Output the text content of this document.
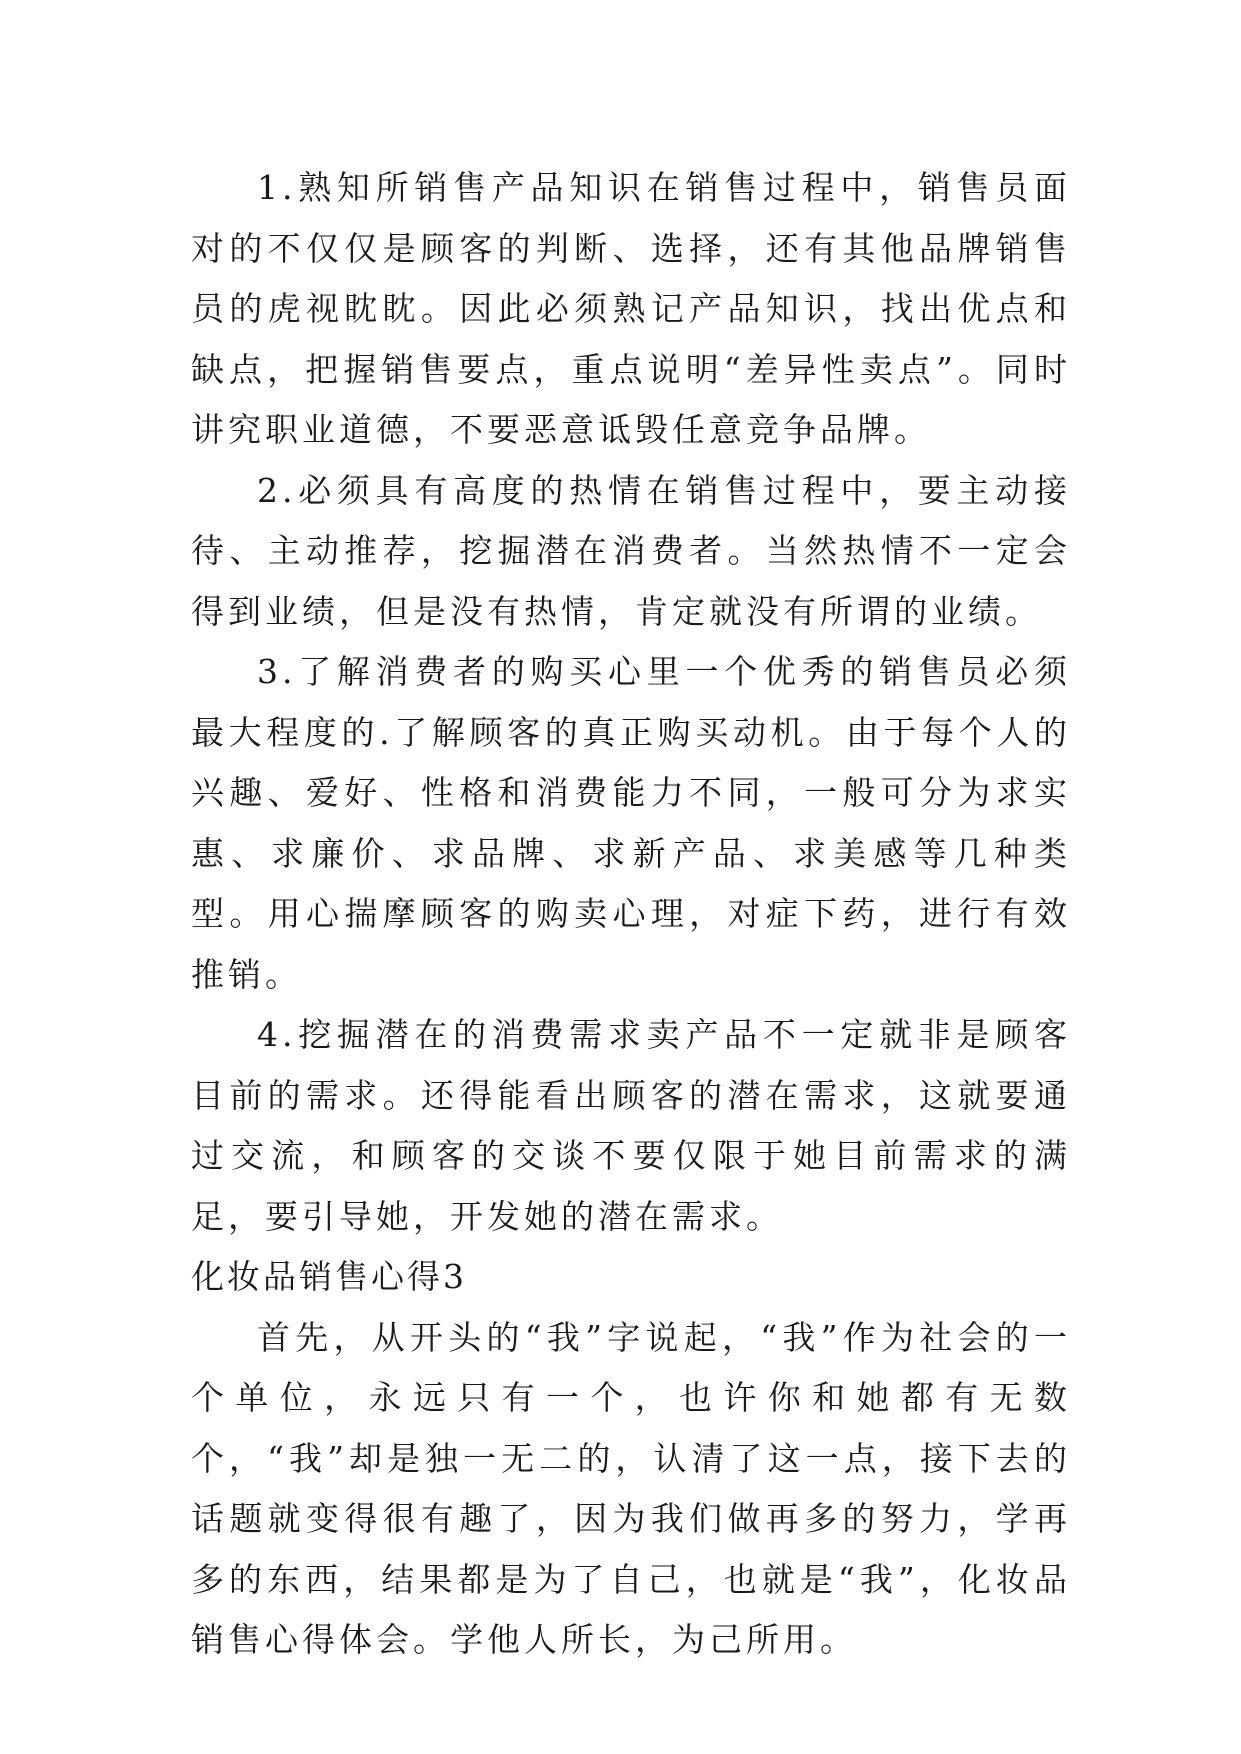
1.熟知所销售产品知识在销售过程中，销售员面对的不仅仅是顾客的判断、选择，还有其他品牌销售员的虎视眈眈。因此必须熟记产品知识，找出优点和缺点，把握销售要点，重点说明“差异性卖点”。同时讲究职业道德，不要恶意诋毁任意竞争品牌。

2.必须具有高度的热情在销售过程中，要主动接待、主动推荐，挖掘潜在消费者。当然热情不一定会得到业绩，但是没有热情，肯定就没有所谓的业绩。

3.了解消费者的购买心里一个优秀的销售员必须最大程度的.了解顾客的真正购买动机。由于每个人的兴趣、爱好、性格和消费能力不同，一般可分为求实惠、求廉价、求品牌、求新产品、求美感等几种类型。用心揣摩顾客的购卖心理，对症下药，进行有效推销。

4.挖掘潜在的消费需求卖产品不一定就非是顾客目前的需求。还得能看出顾客的潜在需求，这就要通过交流，和顾客的交谈不要仅限于她目前需求的满足，要引导她，开发她的潜在需求。

化妆品销售心得3

首先，从开头的“我”字说起，“我”作为社会的一个单位，永远只有一个，也许你和她都有无数个，“我”却是独一无二的，认清了这一点，接下去的话题就变得很有趣了，因为我们做再多的努力，学再多的东西，结果都是为了自己，也就是“我”，化妆品销售心得体会。学他人所长，为己所用。
